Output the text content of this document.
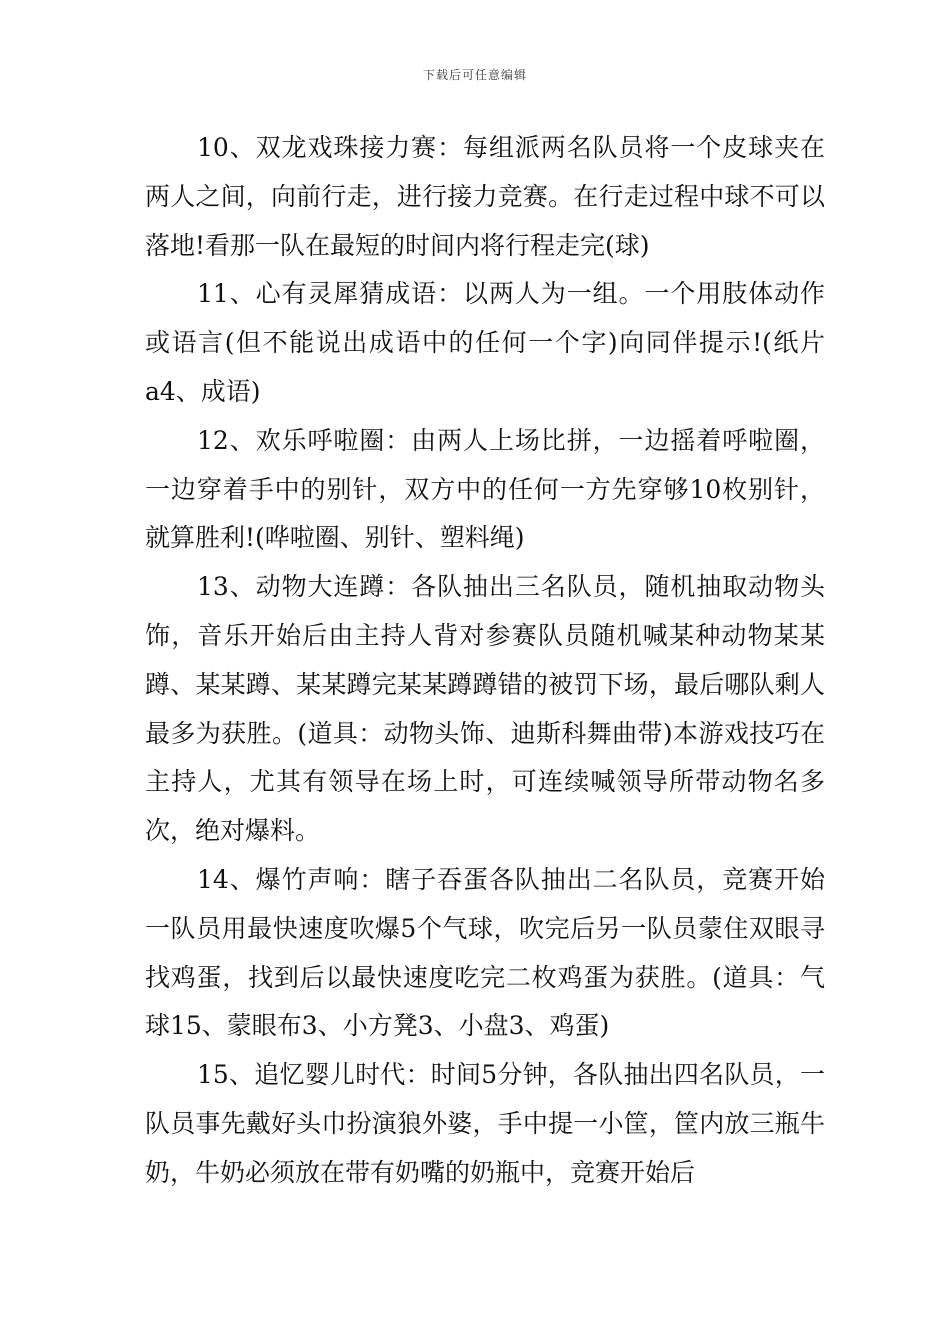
下载后可任意编辑

10、双龙戏珠接力赛：每组派两名队员将一个皮球夹在两人之间，向前行走，进行接力竞赛。在行走过程中球不可以落地!看那一队在最短的时间内将行程走完(球)

11、心有灵犀猜成语：以两人为一组。一个用肢体动作或语言(但不能说出成语中的任何一个字)向同伴提示!(纸片a4、成语)

12、欢乐呼啦圈：由两人上场比拼，一边摇着呼啦圈，一边穿着手中的别针，双方中的任何一方先穿够10枚别针，就算胜利!(哗啦圈、别针、塑料绳)

13、动物大连蹲：各队抽出三名队员，随机抽取动物头饰，音乐开始后由主持人背对参赛队员随机喊某种动物某某蹲、某某蹲、某某蹲完某某蹲蹲错的被罚下场，最后哪队剩人最多为获胜。(道具：动物头饰、迪斯科舞曲带)本游戏技巧在主持人，尤其有领导在场上时，可连续喊领导所带动物名多次，绝对爆料。

14、爆竹声响：瞎子吞蛋各队抽出二名队员，竞赛开始一队员用最快速度吹爆5个气球，吹完后另一队员蒙住双眼寻找鸡蛋，找到后以最快速度吃完二枚鸡蛋为获胜。(道具：气球15、蒙眼布3、小方凳3、小盘3、鸡蛋)

15、追忆婴儿时代：时间5分钟，各队抽出四名队员，一队员事先戴好头巾扮演狼外婆，手中提一小筐，筐内放三瓶牛奶，牛奶必须放在带有奶嘴的奶瓶中，竞赛开始后
